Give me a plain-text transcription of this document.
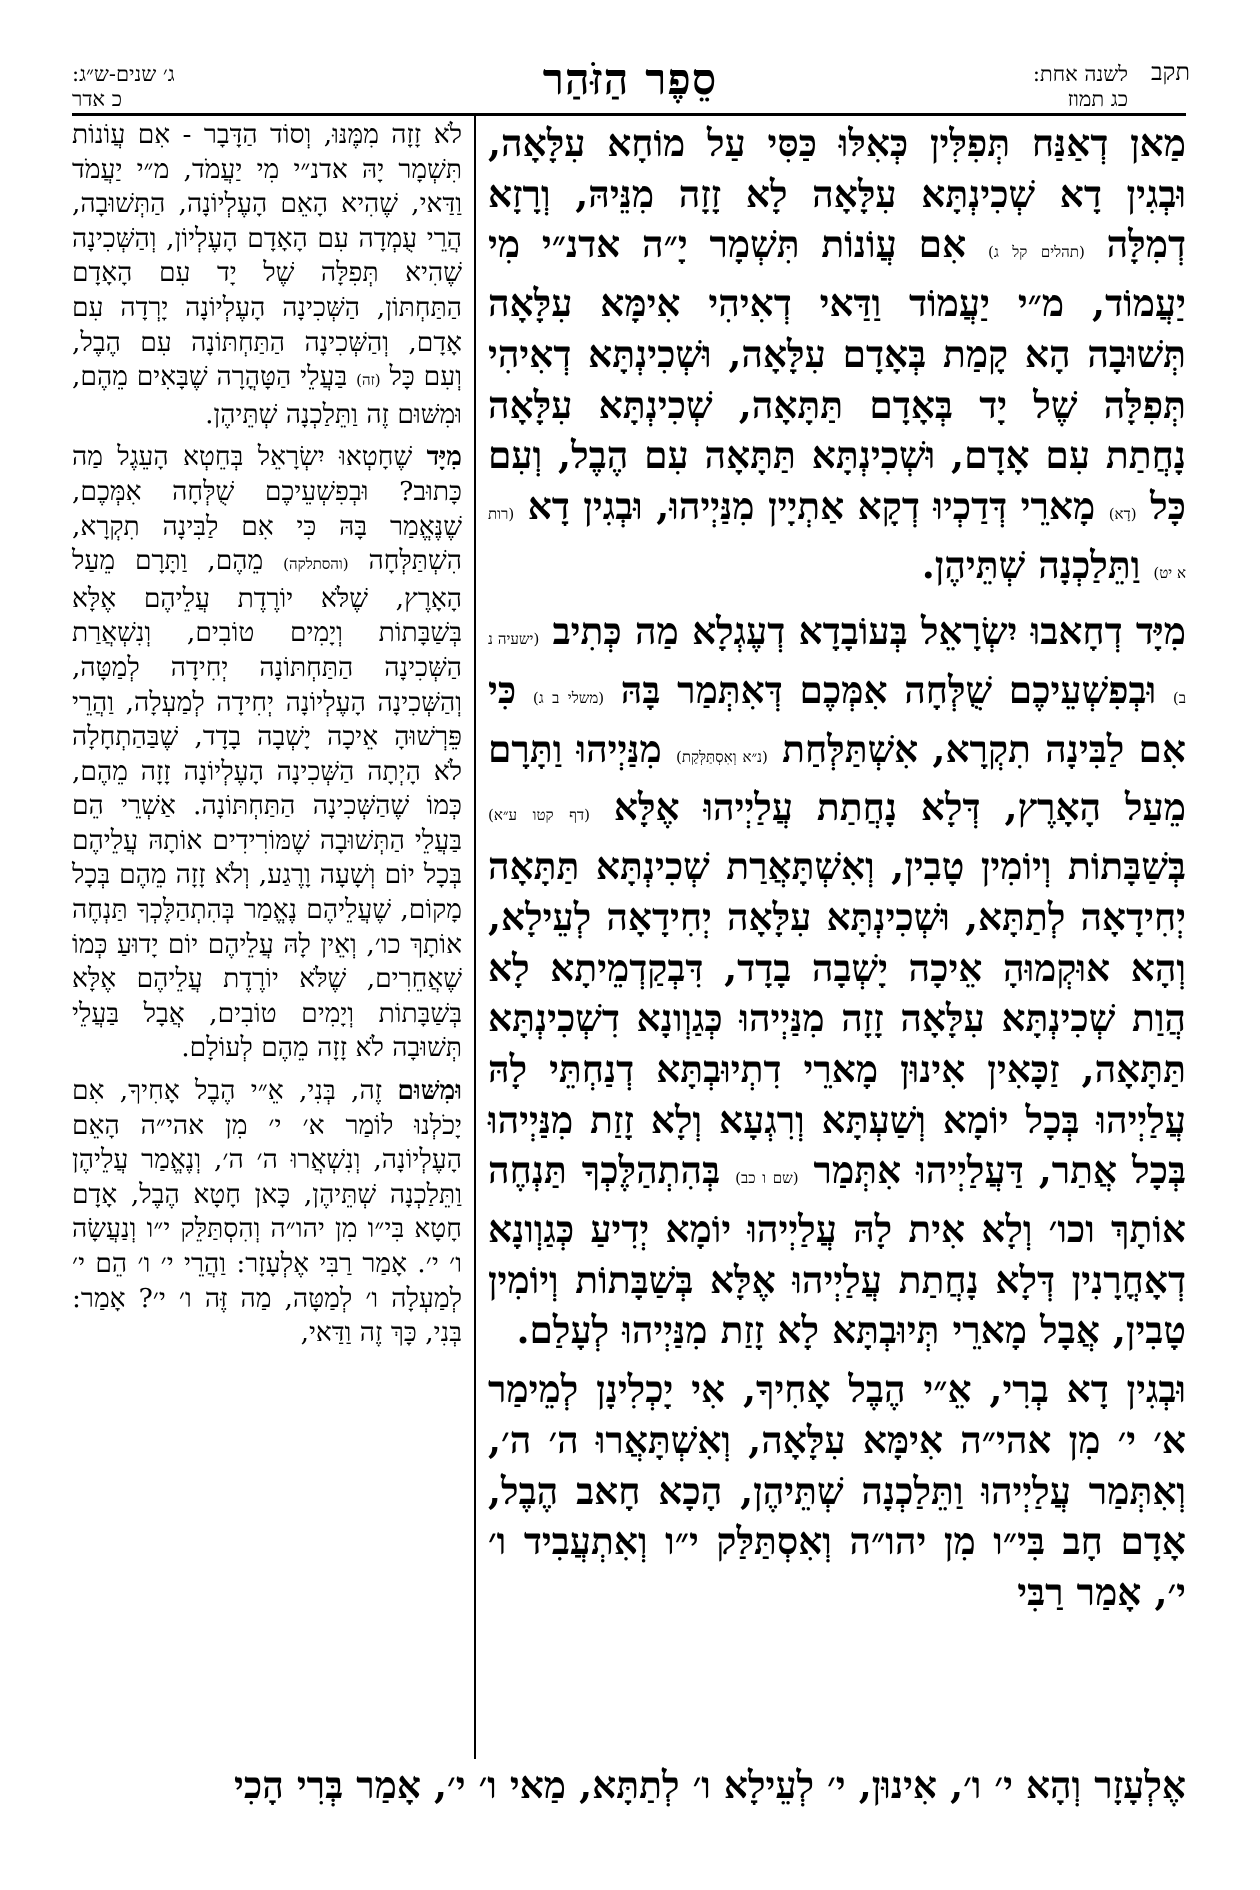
תקב
לשנה אחת:
כג תמוז
סֵפֶר הַזֹּהַר
ג׳ שנים-ש״ג:
כ אדר

מַאן דְאַנַּח תְּפִלִּין כְּאִלּוּ כַּסִּי עַל מוֹחָא עִלָּאָה, וּבְגִין דָא שְׁכִינְתָּא עִלָּאָה לָא זָזָה מִנֵּיהּ, וְרָזָא דְמִלָּה (תהלים קל ג) אִם עֲוֹנוֹת תִּשְׁמָר יָ״ה אדנ״י מִי יַעֲמוֹד, מ״י יַעֲמוֹד וַדַּאי דְאִיהִי אִימָּא עִלָּאָה תְּשׁוּבָה הָא קָמַת בְּאָדָם עִלָּאָה, וּשְׁכִינְתָּא דְאִיהִי תְּפִלָּה שֶׁל יָד בְּאָדָם תַּתָּאָה, שְׁכִינְתָּא עִלָּאָה נָחֲתַת עִם אָדָם, וּשְׁכִינְתָּא תַּתָּאָה עִם הֶבֶל, וְעִם כָּל (דָא) מָארֵי דְּדַכְיוּ דְקָא אַתְיָין מִנַּיְיהוּ, וּבְגִין דָא (רות א יט) וַתֵּלַכְנָה שְׁתֵּיהֶן.

מִיָּד דְחָאבוּ יִשְׂרָאֵל בְּעוֹבָדָא דְעֶגְלָא מַה כְּתִיב (ישעיה נ ב) וּבְפִשְׁעֵיכֶם שֻׁלְּחָה אִמְּכֶם דְּאִתְּמַר בָּהּ (משלי ב ג) כִּי אִם לַבִּינָה תִקְרָא, אִשְׁתַּלְּחַת (נ״א וְאִסְתַּלְּקַת) מִנַּיְיהוּ וַתָּרָם מֵעַל הָאָרֶץ, דְּלָא נָחֲתַת עֲלַיְיהוּ אֶלָּא (דף קטו ע״א) בְּשַׁבָּתוֹת וְיוֹמִין טָבִין, וְאִשְׁתָּאֲרַת שְׁכִינְתָּא תַּתָּאָה יְחִידָאָה לְתַתָּא, וּשְׁכִינְתָּא עִלָּאָה יְחִידָאָה לְעֵילָא, וְהָא אוּקְמוּהָ אֵיכָה יָשְׁבָה בָדָד, דִּבְקַדְמֵיתָא לָא הֲוַת שְׁכִינְתָּא עִלָּאָה זָזָה מִנַּיְיהוּ כְּגַוְונָא דִשְׁכִינְתָּא תַּתָּאָה, זַכָּאִין אִינוּן מָארֵי דִתְיוּבְתָּא דְנַחְתֵּי לָהּ עֲלַיְיהוּ בְּכָל יוֹמָא וְשַׁעְתָּא וְרִגְעָא וְלָא זָזַת מִנַּיְיהוּ בְּכָל אֲתַר, דַּעֲלַיְיהוּ אִתְּמַר (שם ו כב) בְּהִתְהַלֶּכְךָ תַּנְחֶה אוֹתָךְ וכו׳ וְלָא אִית לָהּ עֲלַיְיהוּ יוֹמָא יְדִיעַ כְּגַוְונָא דְאָחֳרָנִין דְּלָא נָחֲתַת עֲלַיְיהוּ אֶלָּא בְּשַׁבָּתוֹת וְיוֹמִין טָבִין, אֲבָל מָארֵי תְּיוּבְתָּא לָא זָזַת מִנַּיְיהוּ לְעָלַם.

וּבְגִין דָא בְרִי, אֵ״י הֶבֶל אָחִיךָ, אִי יָכְלִינָן לְמֵימַר א׳ י׳ מִן אהי״ה אִימָּא עִלָּאָה, וְאִשְׁתָּאֲרוּ ה׳ ה׳, וְאִתְּמַר עֲלַיְיהוּ וַתֵּלַכְנָה שְׁתֵּיהֶן, הָכָא חָאב הֶבֶל, אָדָם חָב בִּי״ו מִן יהו״ה וְאִסְתַּלַּק י״ו וְאִתְעֲבִיד ו׳ י׳, אָמַר רַבִּי

לֹא זָזָה מִמֶּנּוּ, וְסוֹד הַדָּבָר - אִם עֲוֹנוֹת תִּשְׁמָר יָהּ אדנ״י מִי יַעֲמֹד, מ״י יַעֲמֹד וַדַּאי, שֶׁהִיא הָאֵם הָעֶלְיוֹנָה, הַתְּשׁוּבָה, הֲרֵי עֻמְדָה עִם הָאָדָם הָעֶלְיוֹן, וְהַשְּׁכִינָה שֶׁהִיא תְּפִלָּה שֶׁל יָד עִם הָאָדָם הַתַּחְתּוֹן, הַשְּׁכִינָה הָעֶלְיוֹנָה יָרְדָה עִם אָדָם, וְהַשְּׁכִינָה הַתַּחְתּוֹנָה עִם הֶבֶל, וְעִם כָּל (זה) בַּעֲלֵי הַטָּהֳרָה שֶׁבָּאִים מֵהֶם, וּמִשּׁוּם זֶה וַתֵּלַכְנָה שְׁתֵּיהֶן.

מִיָּד שֶׁחָטְאוּ יִשְׂרָאֵל בְּחֵטְא הָעֵגֶל מַה כָּתוּב? וּבְפִשְׁעֵיכֶם שֻׁלְּחָה אִמְּכֶם, שֶׁנֶּאֱמַר בָּהּ כִּי אִם לַבִּינָה תִקְרָא, הִשְׁתַּלְּחָה (והסתלקה) מֵהֶם, וַתָּרָם מֵעַל הָאָרֶץ, שֶׁלֹּא יוֹרֶדֶת עֲלֵיהֶם אֶלָּא בְּשַׁבָּתוֹת וְיָמִים טוֹבִים, וְנִשְׁאֲרַת הַשְּׁכִינָה הַתַּחְתּוֹנָה יְחִידָה לְמַטָּה, וְהַשְּׁכִינָה הָעֶלְיוֹנָה יְחִידָה לְמַעְלָה, וַהֲרֵי פֵּרְשׁוּהָ אֵיכָה יָשְׁבָה בָדָד, שֶׁבַּהַתְחָלָה לֹא הָיְתָה הַשְּׁכִינָה הָעֶלְיוֹנָה זָזָה מֵהֶם, כְּמוֹ שֶׁהַשְּׁכִינָה הַתַּחְתּוֹנָה. אַשְׁרֵי הֵם בַּעֲלֵי הַתְּשׁוּבָה שֶׁמּוֹרִידִים אוֹתָהּ עֲלֵיהֶם בְּכָל יוֹם וְשָׁעָה וָרֶגַע, וְלֹא זָזָה מֵהֶם בְּכָל מָקוֹם, שֶׁעֲלֵיהֶם נֶאֱמַר בְּהִתְהַלֶּכְךָ תַּנְחֶה אוֹתָךְ כו׳, וְאֵין לָהּ עֲלֵיהֶם יוֹם יָדוּעַ כְּמוֹ שֶׁאֲחֵרִים, שֶׁלֹּא יוֹרֶדֶת עֲלֵיהֶם אֶלָּא בְּשַׁבָּתוֹת וְיָמִים טוֹבִים, אֲבָל בַּעֲלֵי תְּשׁוּבָה לֹא זָזָה מֵהֶם לְעוֹלָם.

וּמִשּׁוּם זֶה, בְּנִי, אֵ״י הֶבֶל אָחִיךָ, אִם יָכֹלְנוּ לוֹמַר א׳ י׳ מִן אהי״ה הָאֵם הָעֶלְיוֹנָה, וְנִשְׁאֲרוּ ה׳ ה׳, וְנֶאֱמַר עֲלֵיהֶן וַתֵּלַכְנָה שְׁתֵּיהֶן, כָּאן חָטָא הֶבֶל, אָדָם חָטָא בִּי״ו מִן יהו״ה וְהִסְתַּלֵּק י״ו וְנַעֲשָׂה ו׳ י׳. אָמַר רַבִּי אֶלְעָזָר: וַהֲרֵי י׳ ו׳ הֵם י׳ לְמַעְלָה ו׳ לְמַטָּה, מַה זֶּה ו׳ י׳? אָמַר: בְּנִי, כָּךְ זֶה וַדַּאי,

אֶלְעָזָר וְהָא י׳ ו׳, אִינוּן, י׳ לְעֵילָא ו׳ לְתַתָּא, מַאי ו׳ י׳, אָמַר בְּרִי הָכִי
